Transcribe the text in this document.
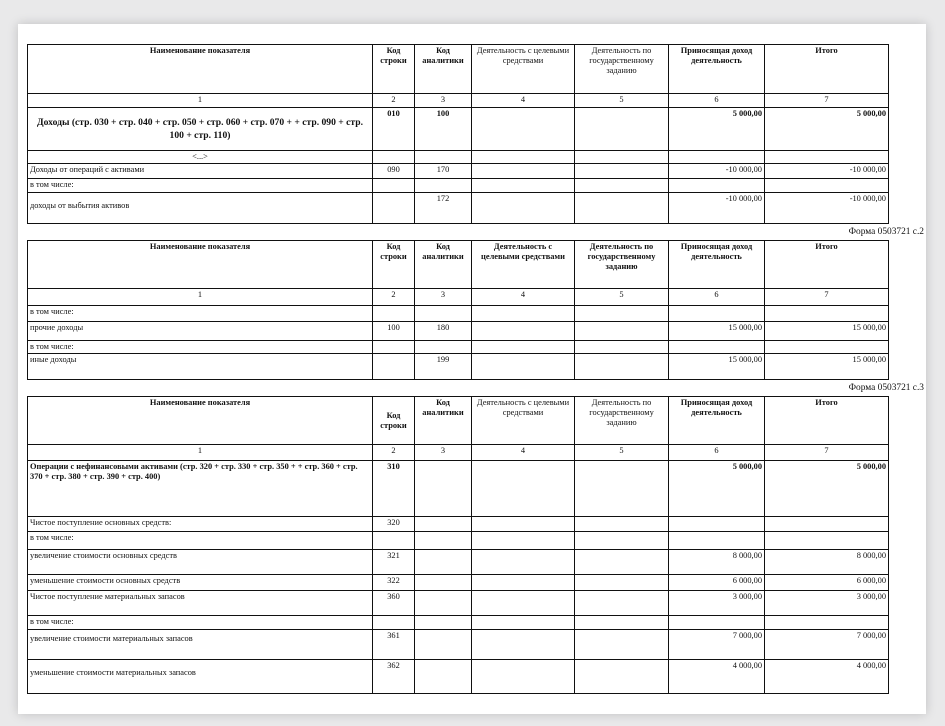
Наименование показателя	Код строки	Код аналитики	Деятельность с целевыми средствами	Деятельность по государственному заданию	Приносящая доход деятельность	Итого
1	2	3	4	5	6	7
Доходы (стр. 030 + стр. 040 + стр. 050 + стр. 060 + стр. 070 + + стр. 090 + стр. 100 + стр. 110)	010	100			5 000,00	5 000,00
<...>						
Доходы от операций с активами	090	170			-10 000,00	-10 000,00
в том числе:						
доходы от выбытия активов		172			-10 000,00	-10 000,00
Форма 0503721 с.2
Наименование показателя	Код строки	Код аналитики	Деятельность с целевыми средствами	Деятельность по государственному заданию	Приносящая доход деятельность	Итого
1	2	3	4	5	6	7
в том числе:						
прочие доходы	100	180			15 000,00	15 000,00
в том числе:						
иные доходы		199			15 000,00	15 000,00
Форма 0503721 с.3
Наименование показателя	Код строки	Код аналитики	Деятельность с целевыми средствами	Деятельность по государственному заданию	Приносящая доход деятельность	Итого
1	2	3	4	5	6	7
Операции с нефинансовыми активами (стр. 320 + стр. 330 + стр. 350 + + стр. 360 + стр. 370 + стр. 380 + стр. 390 + стр. 400)	310				5 000,00	5 000,00
Чистое поступление основных средств:	320					
в том числе:						
увеличение стоимости основных средств	321				8 000,00	8 000,00
уменьшение стоимости основных средств	322				6 000,00	6 000,00
Чистое поступление материальных запасов	360				3 000,00	3 000,00
в том числе:						
увеличение стоимости материальных запасов	361				7 000,00	7 000,00
уменьшение стоимости материальных запасов	362				4 000,00	4 000,00
